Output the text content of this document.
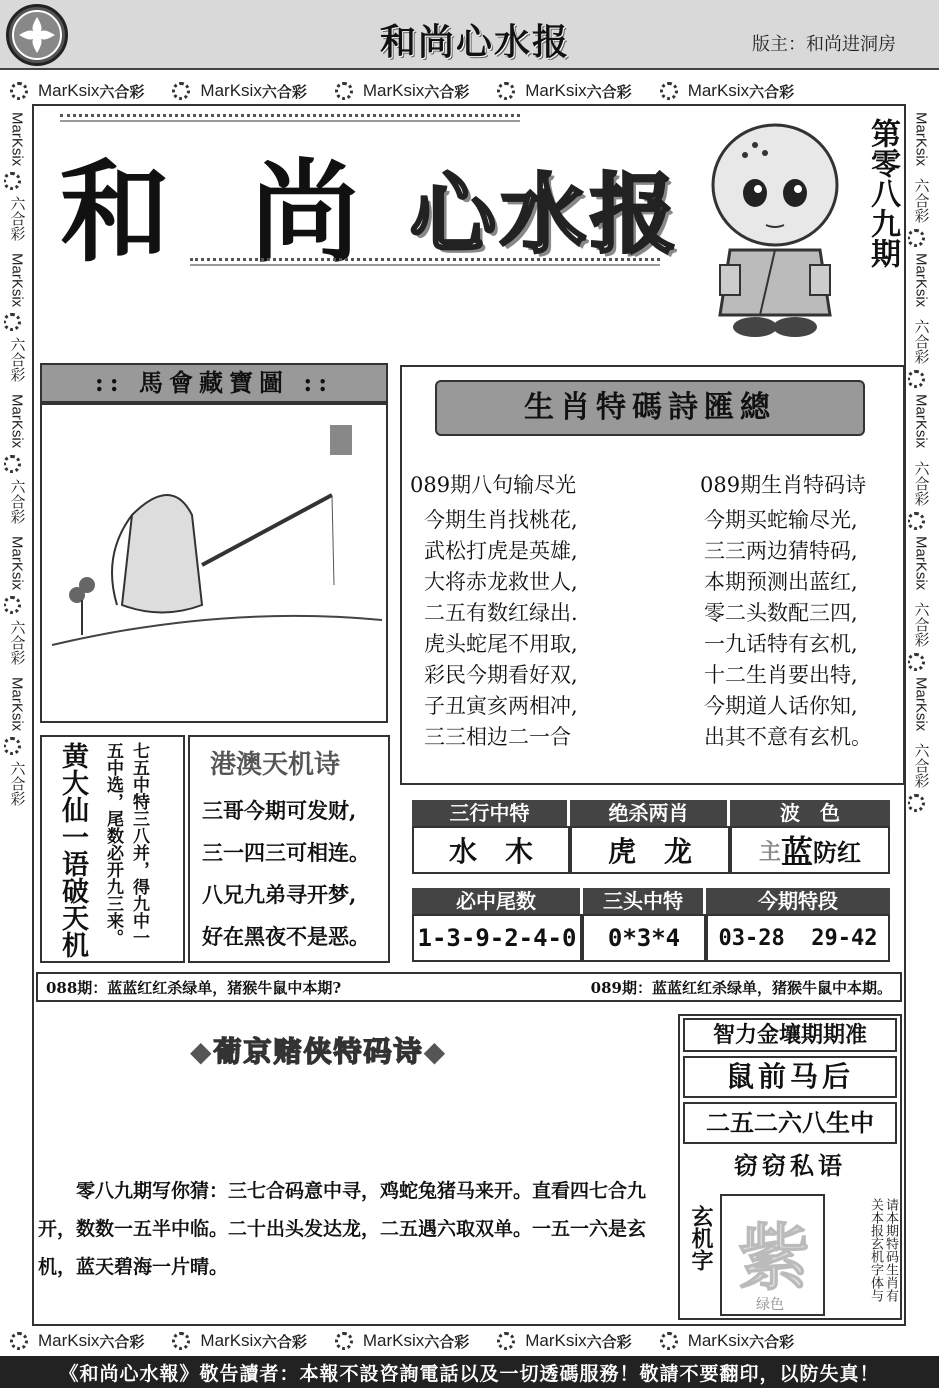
和尚心水报	版主：和尚进洞房
MarKsix 六合彩	MarKsix 六合彩	MarKsix 六合彩	MarKsix 六合彩	MarKsix 六合彩
MarKsix
六合彩
MarKsix
六合彩
MarKsix
六合彩
MarKsix
六合彩
MarKsix
六合彩
MarKsix
六合彩
MarKsix
六合彩
MarKsix
六合彩
MarKsix
六合彩
MarKsix
六合彩
和 尚 心水报	第零八九期
:: 馬會藏寶圖 ::
生肖特碼詩匯總
089期八句输尽光
今期生肖找桃花,
武松打虎是英雄,
大将赤龙救世人,
二五有数红绿出.
虎头蛇尾不用取,
彩民今期看好双,
子丑寅亥两相冲,
三三相边二一合
089期生肖特码诗
今期买蛇输尽光,
三三两边猜特码,
本期预测出蓝红,
零二头数配三四,
一九话特有玄机,
十二生肖要出特,
今期道人话你知,
出其不意有玄机。
黄大仙一语破天机	七五中特三八并，得九中一五中选，尾数必开九三来。	港澳天机诗
三哥今期可发财,
三一四三可相连。
八兄九弟寻开梦,
好在黑夜不是恶。
三行中特	绝杀两肖	波　色
水　木	虎　龙	主 蓝 防红
必中尾数	三头中特	今期特段
1-3-9-2-4-0	0*3*4	03-28  29-42
088期：蓝蓝红红杀绿单，猪猴牛鼠中本期?	089期：蓝蓝红红杀绿单，猪猴牛鼠中本期。
◆葡京赌侠特码诗◆
零八九期写你猜：三七合码意中寻，鸡蛇兔猪马来开。直看四七合九开，数数一五半中临。二十出头发达龙，二五遇六取双单。一五一六是玄机，蓝天碧海一片晴。
智力金壤期期准
鼠前马后
二五二六八生中
窃窃私语
玄机字 紫
绿色
请本期特码生肖有关本报玄机字体与
MarKsix 六合彩	MarKsix 六合彩	MarKsix 六合彩	MarKsix 六合彩	MarKsix 六合彩
《和尚心水報》敬告讀者：本報不設咨詢電話以及一切透碼服務！敬請不要翻印，以防失真！
